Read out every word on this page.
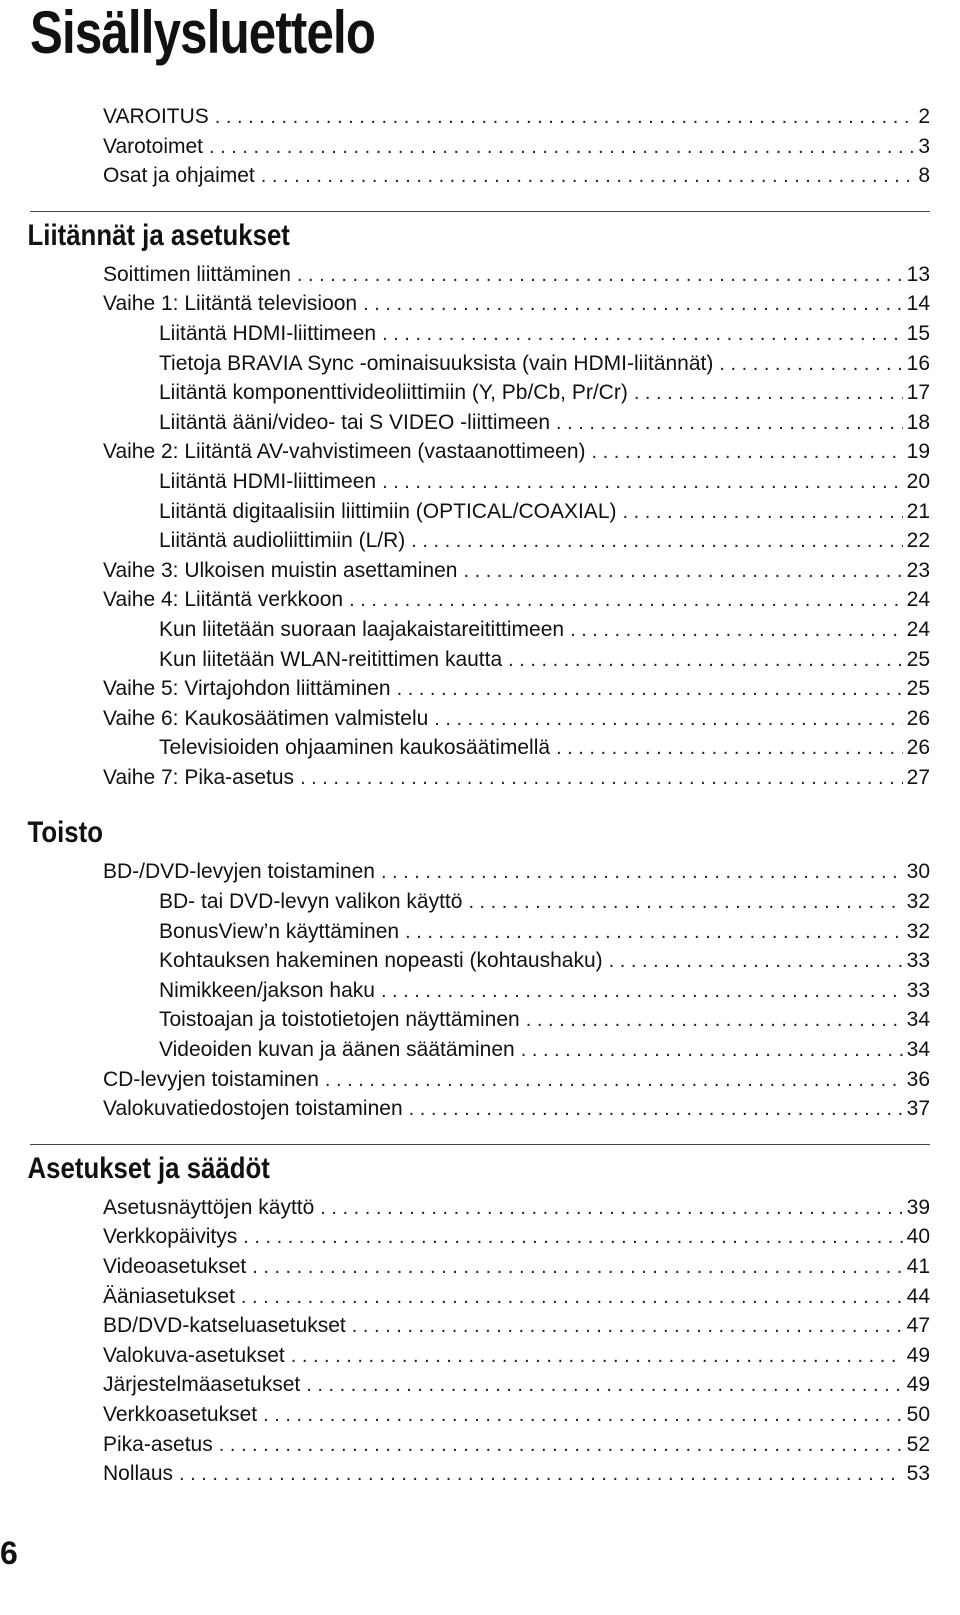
Sisällysluettelo
VAROITUS . . .	2
Varotoimet . . .	3
Osat ja ohjaimet . . .	8
Liitännät ja asetukset
Soittimen liittäminen . . .	13
Vaihe 1: Liitäntä televisioon . . .	14
Liitäntä HDMI-liittimeen . . .	15
Tietoja BRAVIA Sync -ominaisuuksista (vain HDMI-liitännät) . . .	16
Liitäntä komponenttivideoliittimiin (Y, Pb/Cb, Pr/Cr) . . .	17
Liitäntä ääni/video- tai S VIDEO -liittimeen . . .	18
Vaihe 2: Liitäntä AV-vahvistimeen (vastaanottimeen) . . .	19
Liitäntä HDMI-liittimeen . . .	20
Liitäntä digitaalisiin liittimiin (OPTICAL/COAXIAL) . . .	21
Liitäntä audioliittimiin (L/R) . . .	22
Vaihe 3: Ulkoisen muistin asettaminen . . .	23
Vaihe 4: Liitäntä verkkoon . . .	24
Kun liitetään suoraan laajakaistareitittimeen . . .	24
Kun liitetään WLAN-reitittimen kautta . . .	25
Vaihe 5: Virtajohdon liittäminen . . .	25
Vaihe 6: Kaukosäätimen valmistelu . . .	26
Televisioiden ohjaaminen kaukosäätimellä . . .	26
Vaihe 7: Pika-asetus . . .	27
Toisto
BD-/DVD-levyjen toistaminen . . .	30
BD- tai DVD-levyn valikon käyttö . . .	32
BonusView’n käyttäminen . . .	32
Kohtauksen hakeminen nopeasti (kohtaushaku) . . .	33
Nimikkeen/jakson haku . . .	33
Toistoajan ja toistotietojen näyttäminen . . .	34
Videoiden kuvan ja äänen säätäminen . . .	34
CD-levyjen toistaminen . . .	36
Valokuvatiedostojen toistaminen . . .	37
Asetukset ja säädöt
Asetusnäyttöjen käyttö . . .	39
Verkkopäivitys . . .	40
Videoasetukset . . .	41
Ääniasetukset . . .	44
BD/DVD-katseluasetukset . . .	47
Valokuva-asetukset . . .	49
Järjestelmäasetukset . . .	49
Verkkoasetukset . . .	50
Pika-asetus . . .	52
Nollaus . . .	53
6
